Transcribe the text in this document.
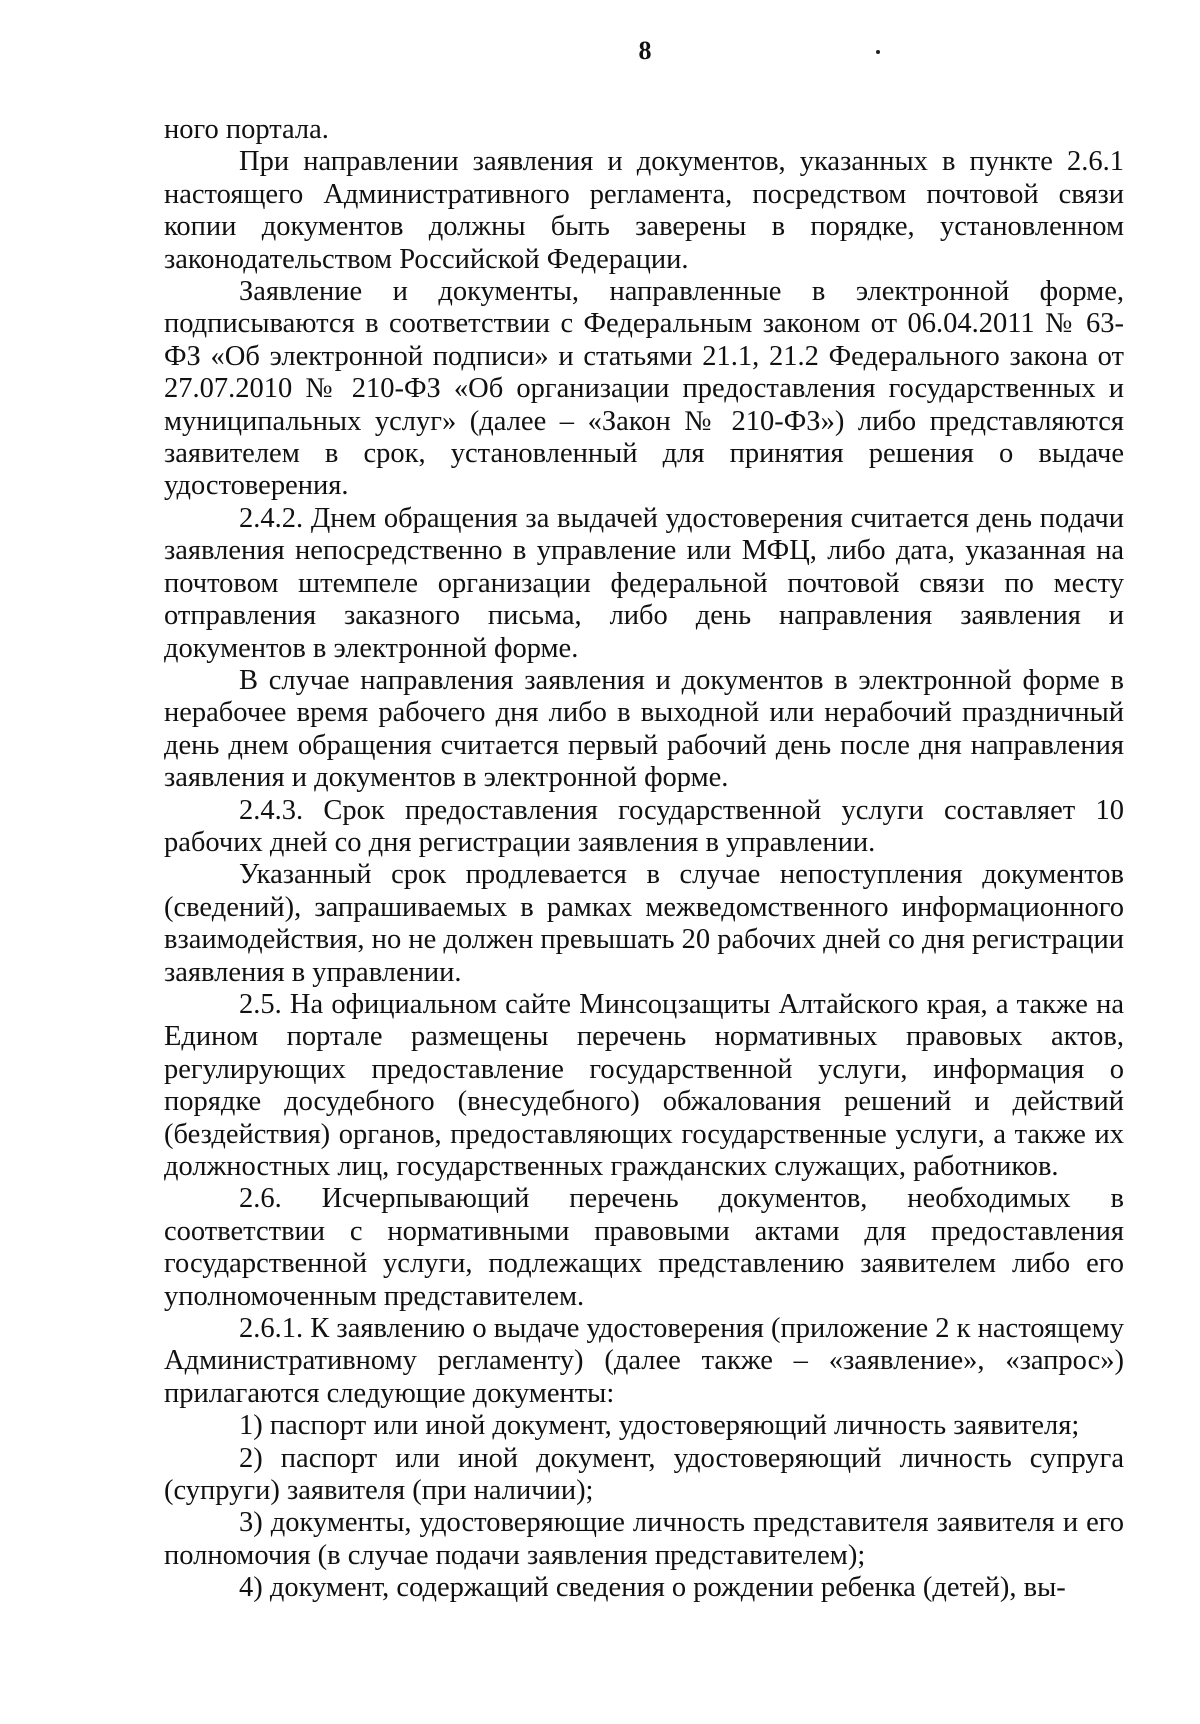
8

ного портала.

При направлении заявления и документов, указанных в пункте 2.6.1 настоящего Административного регламента, посредством почтовой связи копии документов должны быть заверены в порядке, установленном законодательством Российской Федерации.

Заявление и документы, направленные в электронной форме, подписываются в соответствии с Федеральным законом от 06.04.2011 № 63-ФЗ «Об электронной подписи» и статьями 21.1, 21.2 Федерального закона от 27.07.2010 № 210-ФЗ «Об организации предоставления государственных и муниципальных услуг» (далее – «Закон № 210-ФЗ») либо представляются заявителем в срок, установленный для принятия решения о выдаче удостоверения.

2.4.2. Днем обращения за выдачей удостоверения считается день подачи заявления непосредственно в управление или МФЦ, либо дата, указанная на почтовом штемпеле организации федеральной почтовой связи по месту отправления заказного письма, либо день направления заявления и документов в электронной форме.

В случае направления заявления и документов в электронной форме в нерабочее время рабочего дня либо в выходной или нерабочий праздничный день днем обращения считается первый рабочий день после дня направления заявления и документов в электронной форме.

2.4.3. Срок предоставления государственной услуги составляет 10 рабочих дней со дня регистрации заявления в управлении.

Указанный срок продлевается в случае непоступления документов (сведений), запрашиваемых в рамках межведомственного информационного взаимодействия, но не должен превышать 20 рабочих дней со дня регистрации заявления в управлении.

2.5. На официальном сайте Минсоцзащиты Алтайского края, а также на Едином портале размещены перечень нормативных правовых актов, регулирующих предоставление государственной услуги, информация о порядке досудебного (внесудебного) обжалования решений и действий (бездействия) органов, предоставляющих государственные услуги, а также их должностных лиц, государственных гражданских служащих, работников.

2.6. Исчерпывающий перечень документов, необходимых в соответствии с нормативными правовыми актами для предоставления государственной услуги, подлежащих представлению заявителем либо его уполномоченным представителем.

2.6.1. К заявлению о выдаче удостоверения (приложение 2 к настоящему Административному регламенту) (далее также – «заявление», «запрос») прилагаются следующие документы:

1) паспорт или иной документ, удостоверяющий личность заявителя;

2) паспорт или иной документ, удостоверяющий личность супруга (супруги) заявителя (при наличии);

3) документы, удостоверяющие личность представителя заявителя и его полномочия (в случае подачи заявления представителем);

4) документ, содержащий сведения о рождении ребенка (детей), вы-
